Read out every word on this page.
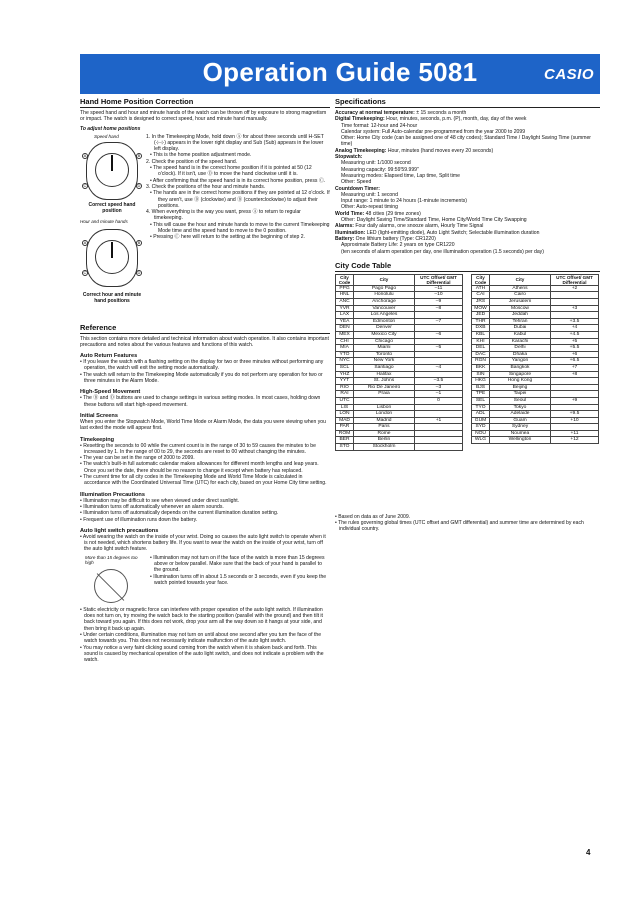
Operation Guide 5081	CASIO
Hand Home Position Correction

The speed hand and hour and minute hands of the watch can be thrown off by exposure to strong magnetism or impact. The watch is designed to correct speed, hour and minute hand manually.

To adjust home positions
Speed hand
A	B
C	D
Correct speed hand position
Hour and minute hands
A	B
C	D
Correct hour and minute hand positions
1. In the Timekeeping Mode, hold down Ⓐ for about three seconds until H-SET (⊹⊹) appears in the lower right display and Sub (Sub) appears in the lower left display.
• This is the home position adjustment mode.
2. Check the position of the speed hand.
• The speed hand is in the correct home position if it is pointed at 50 (12 o'clock). If it isn't, use Ⓓ to move the hand clockwise until it is.
• After confirming that the speed hand is in its correct home position, press Ⓒ.
3. Check the positions of the hour and minute hands.
• The hands are in the correct home positions if they are pointed at 12 o'clock. If they aren't, use Ⓓ (clockwise) and Ⓑ (counterclockwise) to adjust their positions.
4. When everything is the way you want, press Ⓐ to return to regular timekeeping.
• This will cause the hour and minute hands to move to the current Timekeeping Mode time and the speed hand to move to the 0 position.
• Pressing Ⓒ here will return to the setting at the beginning of step 2.
Reference

This section contains more detailed and technical information about watch operation. It also contains important precautions and notes about the various features and functions of this watch.

Auto Return Features
• If you leave the watch with a flashing setting on the display for two or three minutes without performing any operation, the watch will exit the setting mode automatically.
• The watch will return to the Timekeeping Mode automatically if you do not perform any operation for two or three minutes in the Alarm Mode.
High-Speed Movement
• The Ⓑ and Ⓓ buttons are used to change settings in various setting modes. In most cases, holding down these buttons will start high-speed movement.
Initial Screens

When you enter the Stopwatch Mode, World Time Mode or Alarm Mode, the data you were viewing when you last exited the mode will appear first.

Timekeeping
• Resetting the seconds to 00 while the current count is in the range of 30 to 59 causes the minutes to be increased by 1. In the range of 00 to 29, the seconds are reset to 00 without changing the minutes.
• The year can be set in the range of 2000 to 2099.
• The watch's built-in full automatic calendar makes allowances for different month lengths and leap years. Once you set the date, there should be no reason to change it except when battery has replaced.
• The current time for all city codes in the Timekeeping Mode and World Time Mode is calculated in accordance with the Coordinated Universal Time (UTC) for each city, based on your Home City time setting.
Illumination Precautions
• Illumination may be difficult to see when viewed under direct sunlight.
• Illumination turns off automatically whenever an alarm sounds.
• Illumination turns off automatically depends on the current illumination duration setting.
• Frequent use of illumination runs down the battery.
Auto light switch precautions
• Avoid wearing the watch on the inside of your wrist. Doing so causes the auto light switch to operate when it is not needed, which shortens battery life. If you want to wear the watch on the inside of your wrist, turn off the auto light switch feature.
More than 15 degrees too high
• Illumination may not turn on if the face of the watch is more than 15 degrees above or below parallel. Make sure that the back of your hand is parallel to the ground.
• Illumination turns off in about 1.5 seconds or 3 seconds, even if you keep the watch pointed towards your face.
• Static electricity or magnetic force can interfere with proper operation of the auto light switch. If illumination does not turn on, try moving the watch back to the starting position (parallel with the ground) and then tilt it back toward you again. If this does not work, drop your arm all the way down so it hangs at your side, and then bring it back up again.
• Under certain conditions, illumination may not turn on until about one second after you turn the face of the watch towards you. This does not necessarily indicate malfunction of the auto light switch.
• You may notice a very faint clicking sound coming from the watch when it is shaken back and forth. This sound is caused by mechanical operation of the auto light switch, and does not indicate a problem with the watch.
Specifications
Accuracy at normal temperature: ± 15 seconds a month
Digital Timekeeping: Hour, minutes, seconds, p.m. (P), month, day, day of the week
Time format: 12-hour and 24-hour
Calendar system: Full Auto-calendar pre-programmed from the year 2000 to 2099
Other: Home City code (can be assigned one of 48 city codes); Standard Time / Daylight Saving Time (summer time)
Analog Timekeeping: Hour, minutes (hand moves every 20 seconds)
Stopwatch:
Measuring unit: 1/1000 second
Measuring capacity: 99:59'59.999"
Measuring modes: Elapsed time, Lap time, Split time
Other: Speed
Countdown Timer:
Measuring unit: 1 second
Input range: 1 minute to 24 hours (1-minute increments)
Other: Auto-repeat timing
World Time: 48 cities (29 time zones)
Other: Daylight Saving Time/Standard Time, Home City/World Time City Swapping
Alarms: Four daily alarms, one snooze alarm, Hourly Time Signal
Illumination: LED (light-emitting diode), Auto Light Switch; Selectable illumination duration
Battery: One lithium battery (Type: CR1220)
Approximate Battery Life: 2 years on type CR1220
(ten seconds of alarm operation per day, one illumination operation (1.5 seconds) per day)
City Code Table
City Code	City	UTC Offset/ GMT Differential
PPG	Pago Pago	–11
HNL	Honolulu	–10
ANC	Anchorage	–9
YVR	Vancouver	–8
LAX	Los Angeles	
YEA	Edmonton	–7
DEN	Denver	
MEX	Mexico City	–6
CHI	Chicago	
MIA	Miami	–5
YTO	Toronto	
NYC	New York	
SCL	Santiago	–4
YHZ	Halifax	
YYT	St. Johns	–3.5
RIO	Rio De Janeiro	–3
RAI	Praia	–1
UTC		0
LIS	Lisbon	
LON	London	
MAD	Madrid	+1
PAR	Paris	
ROM	Rome	
BER	Berlin	
STO	Stockholm	
City Code	City	UTC Offset/ GMT Differential
ATH	Athens	+2
CAI	Cairo	
JRS	Jerusalem	
MOW	Moscow	+3
JED	Jeddah	
THR	Tehran	+3.5
DXB	Dubai	+4
KBL	Kabul	+4.5
KHI	Karachi	+5
DEL	Delhi	+5.5
DAC	Dhaka	+6
RGN	Yangon	+6.5
BKK	Bangkok	+7
SIN	Singapore	+8
HKG	Hong Kong	
BJS	Beijing	
TPE	Taipei	
SEL	Seoul	+9
TYO	Tokyo	
ADL	Adelaide	+9.5
GUM	Guam	+10
SYD	Sydney	
NOU	Noumea	+11
WLG	Wellington	+12
• Based on data as of June 2009.
• The rules governing global times (UTC offset and GMT differential) and summer time are determined by each individual country.
4
